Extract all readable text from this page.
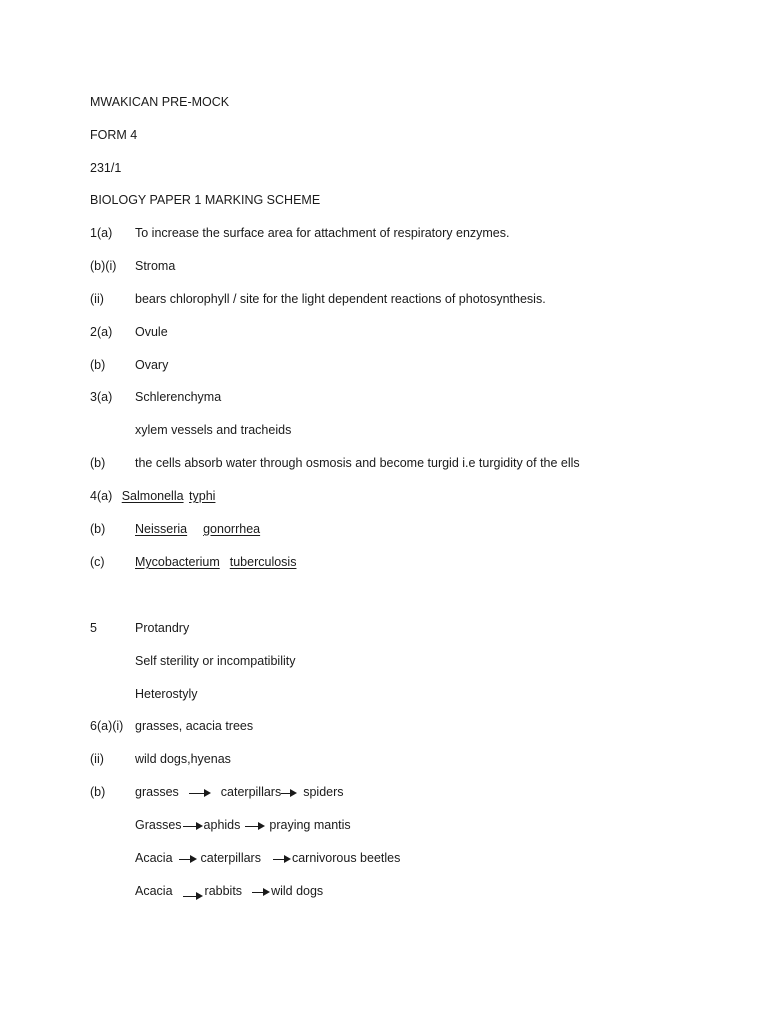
MWAKICAN PRE-MOCK
FORM 4
231/1
BIOLOGY PAPER 1 MARKING SCHEME
1(a) To increase the surface area for attachment of respiratory enzymes.
(b)(i) Stroma
(ii) bears chlorophyll / site for the light dependent reactions of photosynthesis.
2(a) Ovule
(b) Ovary
3(a) Schlerenchyma
xylem vessels and tracheids
(b) the cells absorb water through osmosis and become turgid i.e turgidity of the ells
4(a) Salmonella typhi
(b) Neisseria gonorrhea
(c) Mycobacterium tuberculosis
5	Protandry
Self sterility or incompatibility
Heterostyly
6(a)(i) grasses, acacia trees
(ii) wild dogs,hyenas
(b) grasses	caterpillars spiders
Grasses aphids praying mantis
Acacia caterpillars carnivorous beetles
Acacia	rabbits wild dogs
